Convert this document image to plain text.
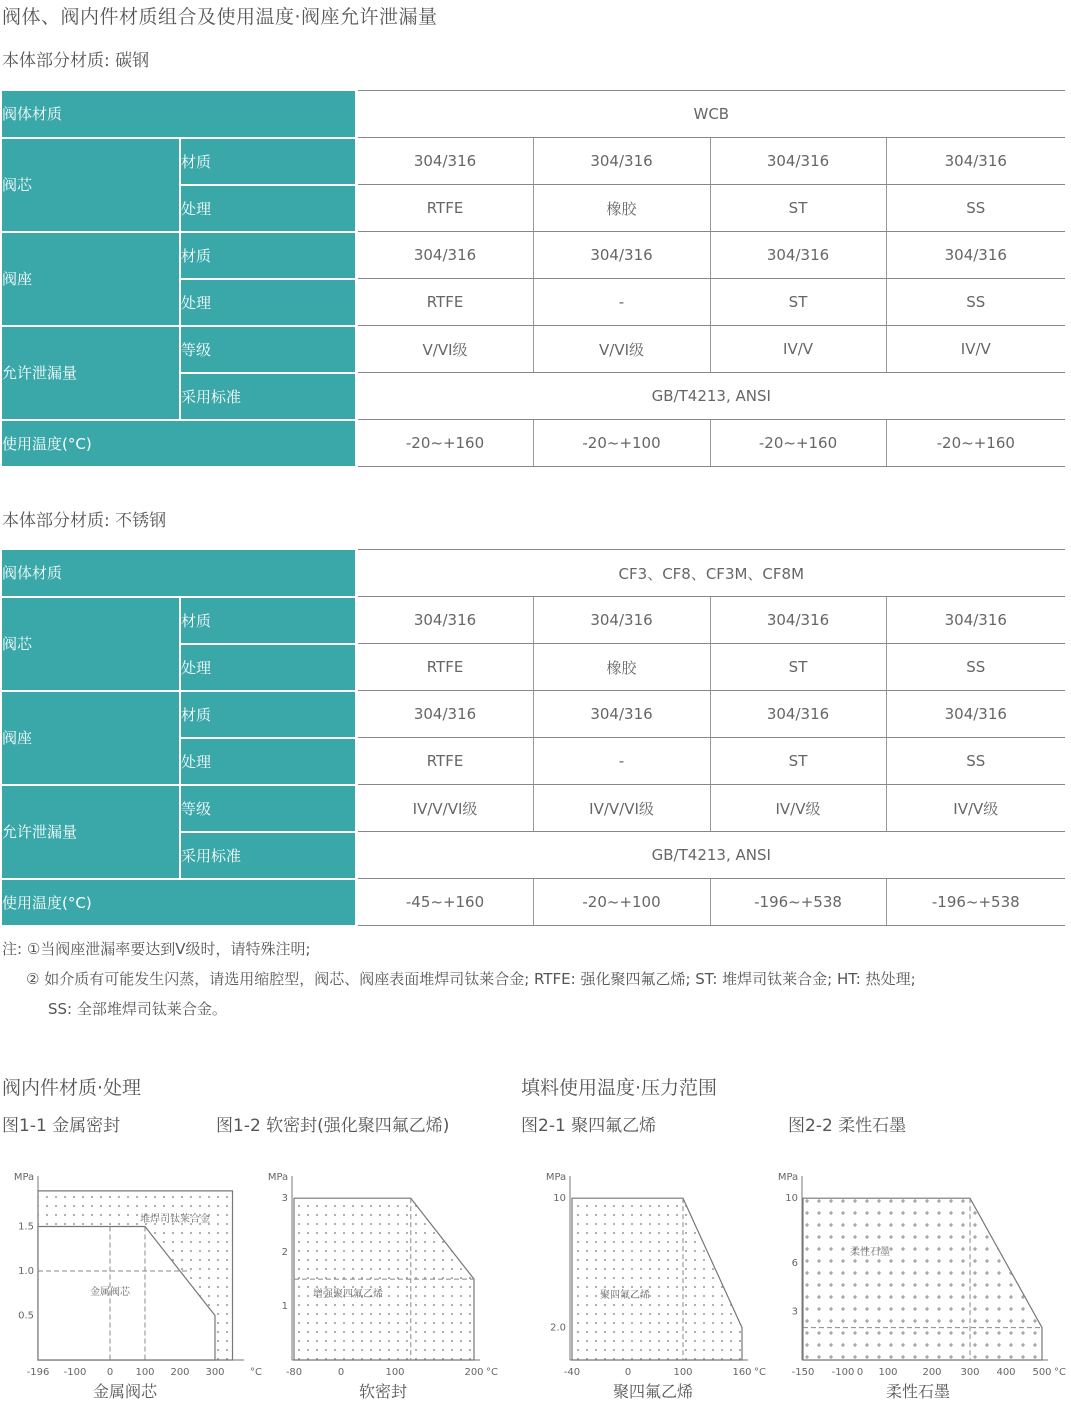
阀体、阀内件材质组合及使用温度·阀座允许泄漏量
本体部分材质: 碳钢
阀体材质		WCB			
阀芯	材质	304/316	304/316	304/316	304/316
	处理	RTFE	橡胶	ST	SS
阀座	材质	304/316	304/316	304/316	304/316
	处理	RTFE	-	ST	SS
允许泄漏量	等级	V/VI级	V/VI级	IV/V	IV/V
	采用标准	GB/T4213, ANSI			
使用温度(°C)		-20~+160	-20~+100	-20~+160	-20~+160
本体部分材质: 不锈钢
阀体材质		CF3、CF8、CF3M、CF8M			
阀芯	材质	304/316	304/316	304/316	304/316
	处理	RTFE	橡胶	ST	SS
阀座	材质	304/316	304/316	304/316	304/316
	处理	RTFE	-	ST	SS
允许泄漏量	等级	IV/V/VI级	IV/V/VI级	IV/V级	IV/V级
	采用标准	GB/T4213, ANSI			
使用温度(°C)		-45~+160	-20~+100	-196~+538	-196~+538
注: ①当阀座泄漏率要达到V级时，请特殊注明;
② 如介质有可能发生闪蒸，请选用缩腔型，阀芯、阀座表面堆焊司钛莱合金; RTFE: 强化聚四氟乙烯; ST: 堆焊司钛莱合金; HT: 热处理;
SS: 全部堆焊司钛莱合金。
阀内件材质·处理	填料使用温度·压力范围
图1-1 金属密封	图1-2 软密封(强化聚四氟乙烯)	图2-1 聚四氟乙烯	图2-2 柔性石墨
堆焊司钛莱合金
金属阀芯
MPa
0.5
1.0
1.5
-196 -100 0 100 200 300	°C
增强聚四氟乙烯
MPa
1
2
3
-80	0	100	200 °C
聚四氟乙烯
MPa
2.0
10
-40	0	100	160 °C
柔性石墨
MPa
3
6
10
-150 -100 0 100 200 300 400 500 °C
金属阀芯	软密封	聚四氟乙烯	柔性石墨
